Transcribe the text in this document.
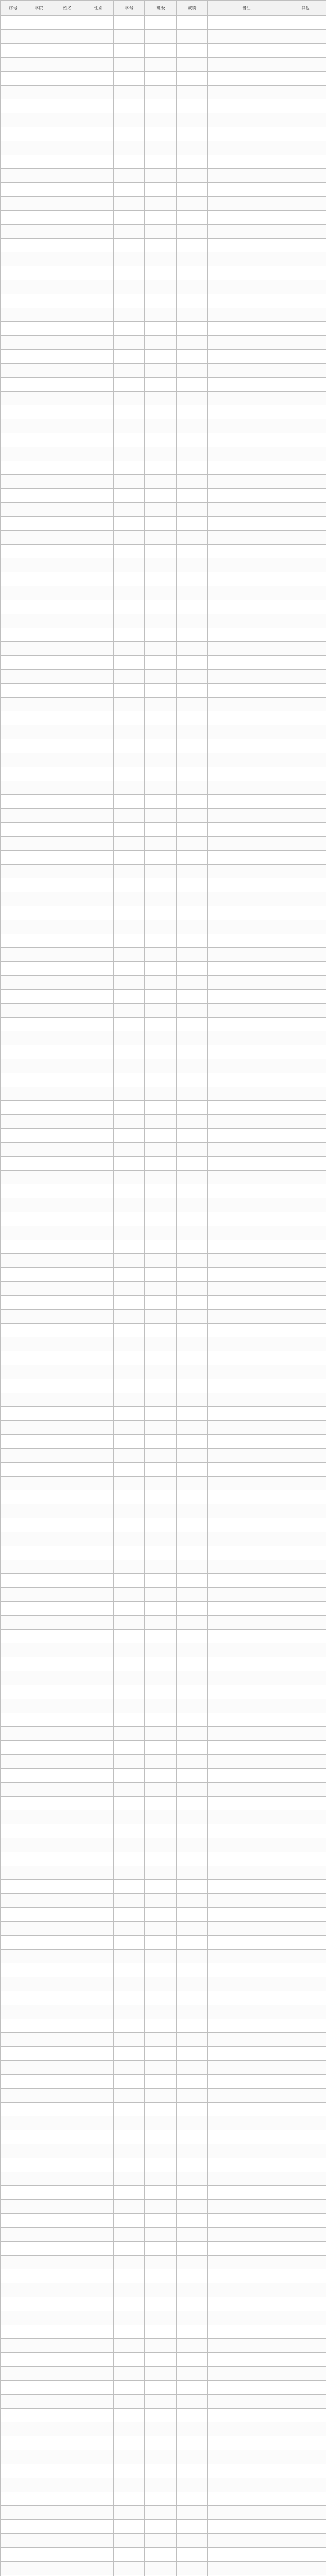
序号	学院	姓名	性别	学号	班级	成绩	备注	其他
